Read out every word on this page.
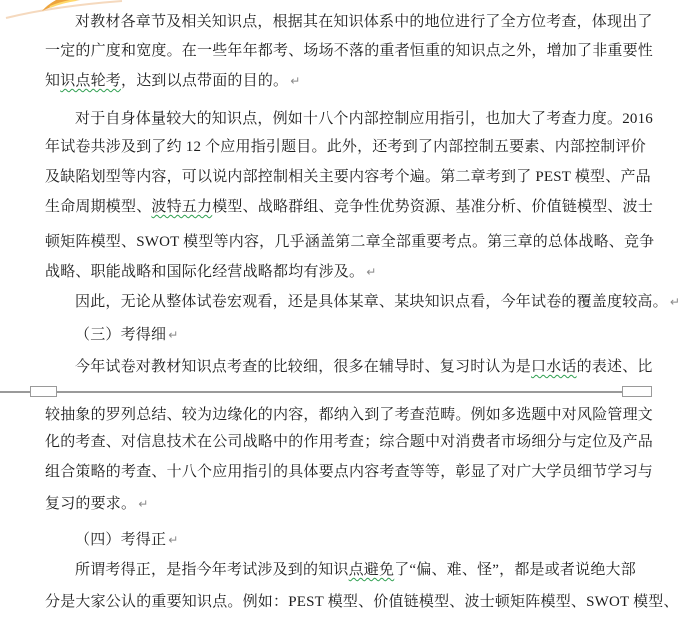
对教材各章节及相关知识点，根据其在知识体系中的地位进行了全方位考查，体现出了
一定的广度和宽度。在一些年年都考、场场不落的重者恒重的知识点之外，增加了非重要性
知识点轮考，达到以点带面的目的。 ↵
对于自身体量较大的知识点，例如十八个内部控制应用指引，也加大了考查力度。2016
年试卷共涉及到了约 12 个应用指引题目。此外，还考到了内部控制五要素、内部控制评价
及缺陷划型等内容，可以说内部控制相关主要内容考个遍。第二章考到了 PEST 模型、产品
生命周期模型、波特五力模型、战略群组、竞争性优势资源、基准分析、价值链模型、波士
顿矩阵模型、SWOT 模型等内容，几乎涵盖第二章全部重要考点。第三章的总体战略、竞争
战略、职能战略和国际化经营战略都均有涉及。 ↵
因此，无论从整体试卷宏观看，还是具体某章、某块知识点看，今年试卷的覆盖度较高。 ↵
（三）考得细 ↵
今年试卷对教材知识点考查的比较细，很多在辅导时、复习时认为是口水话的表述、比
较抽象的罗列总结、较为边缘化的内容，都纳入到了考查范畴。例如多选题中对风险管理文
化的考查、对信息技术在公司战略中的作用考查；综合题中对消费者市场细分与定位及产品
组合策略的考查、十八个应用指引的具体要点内容考查等等，彰显了对广大学员细节学习与
复习的要求。 ↵
（四）考得正 ↵
所谓考得正，是指今年考试涉及到的知识点避免了“偏、难、怪”，都是或者说绝大部
分是大家公认的重要知识点。例如：PEST 模型、价值链模型、波士顿矩阵模型、SWOT 模型、
